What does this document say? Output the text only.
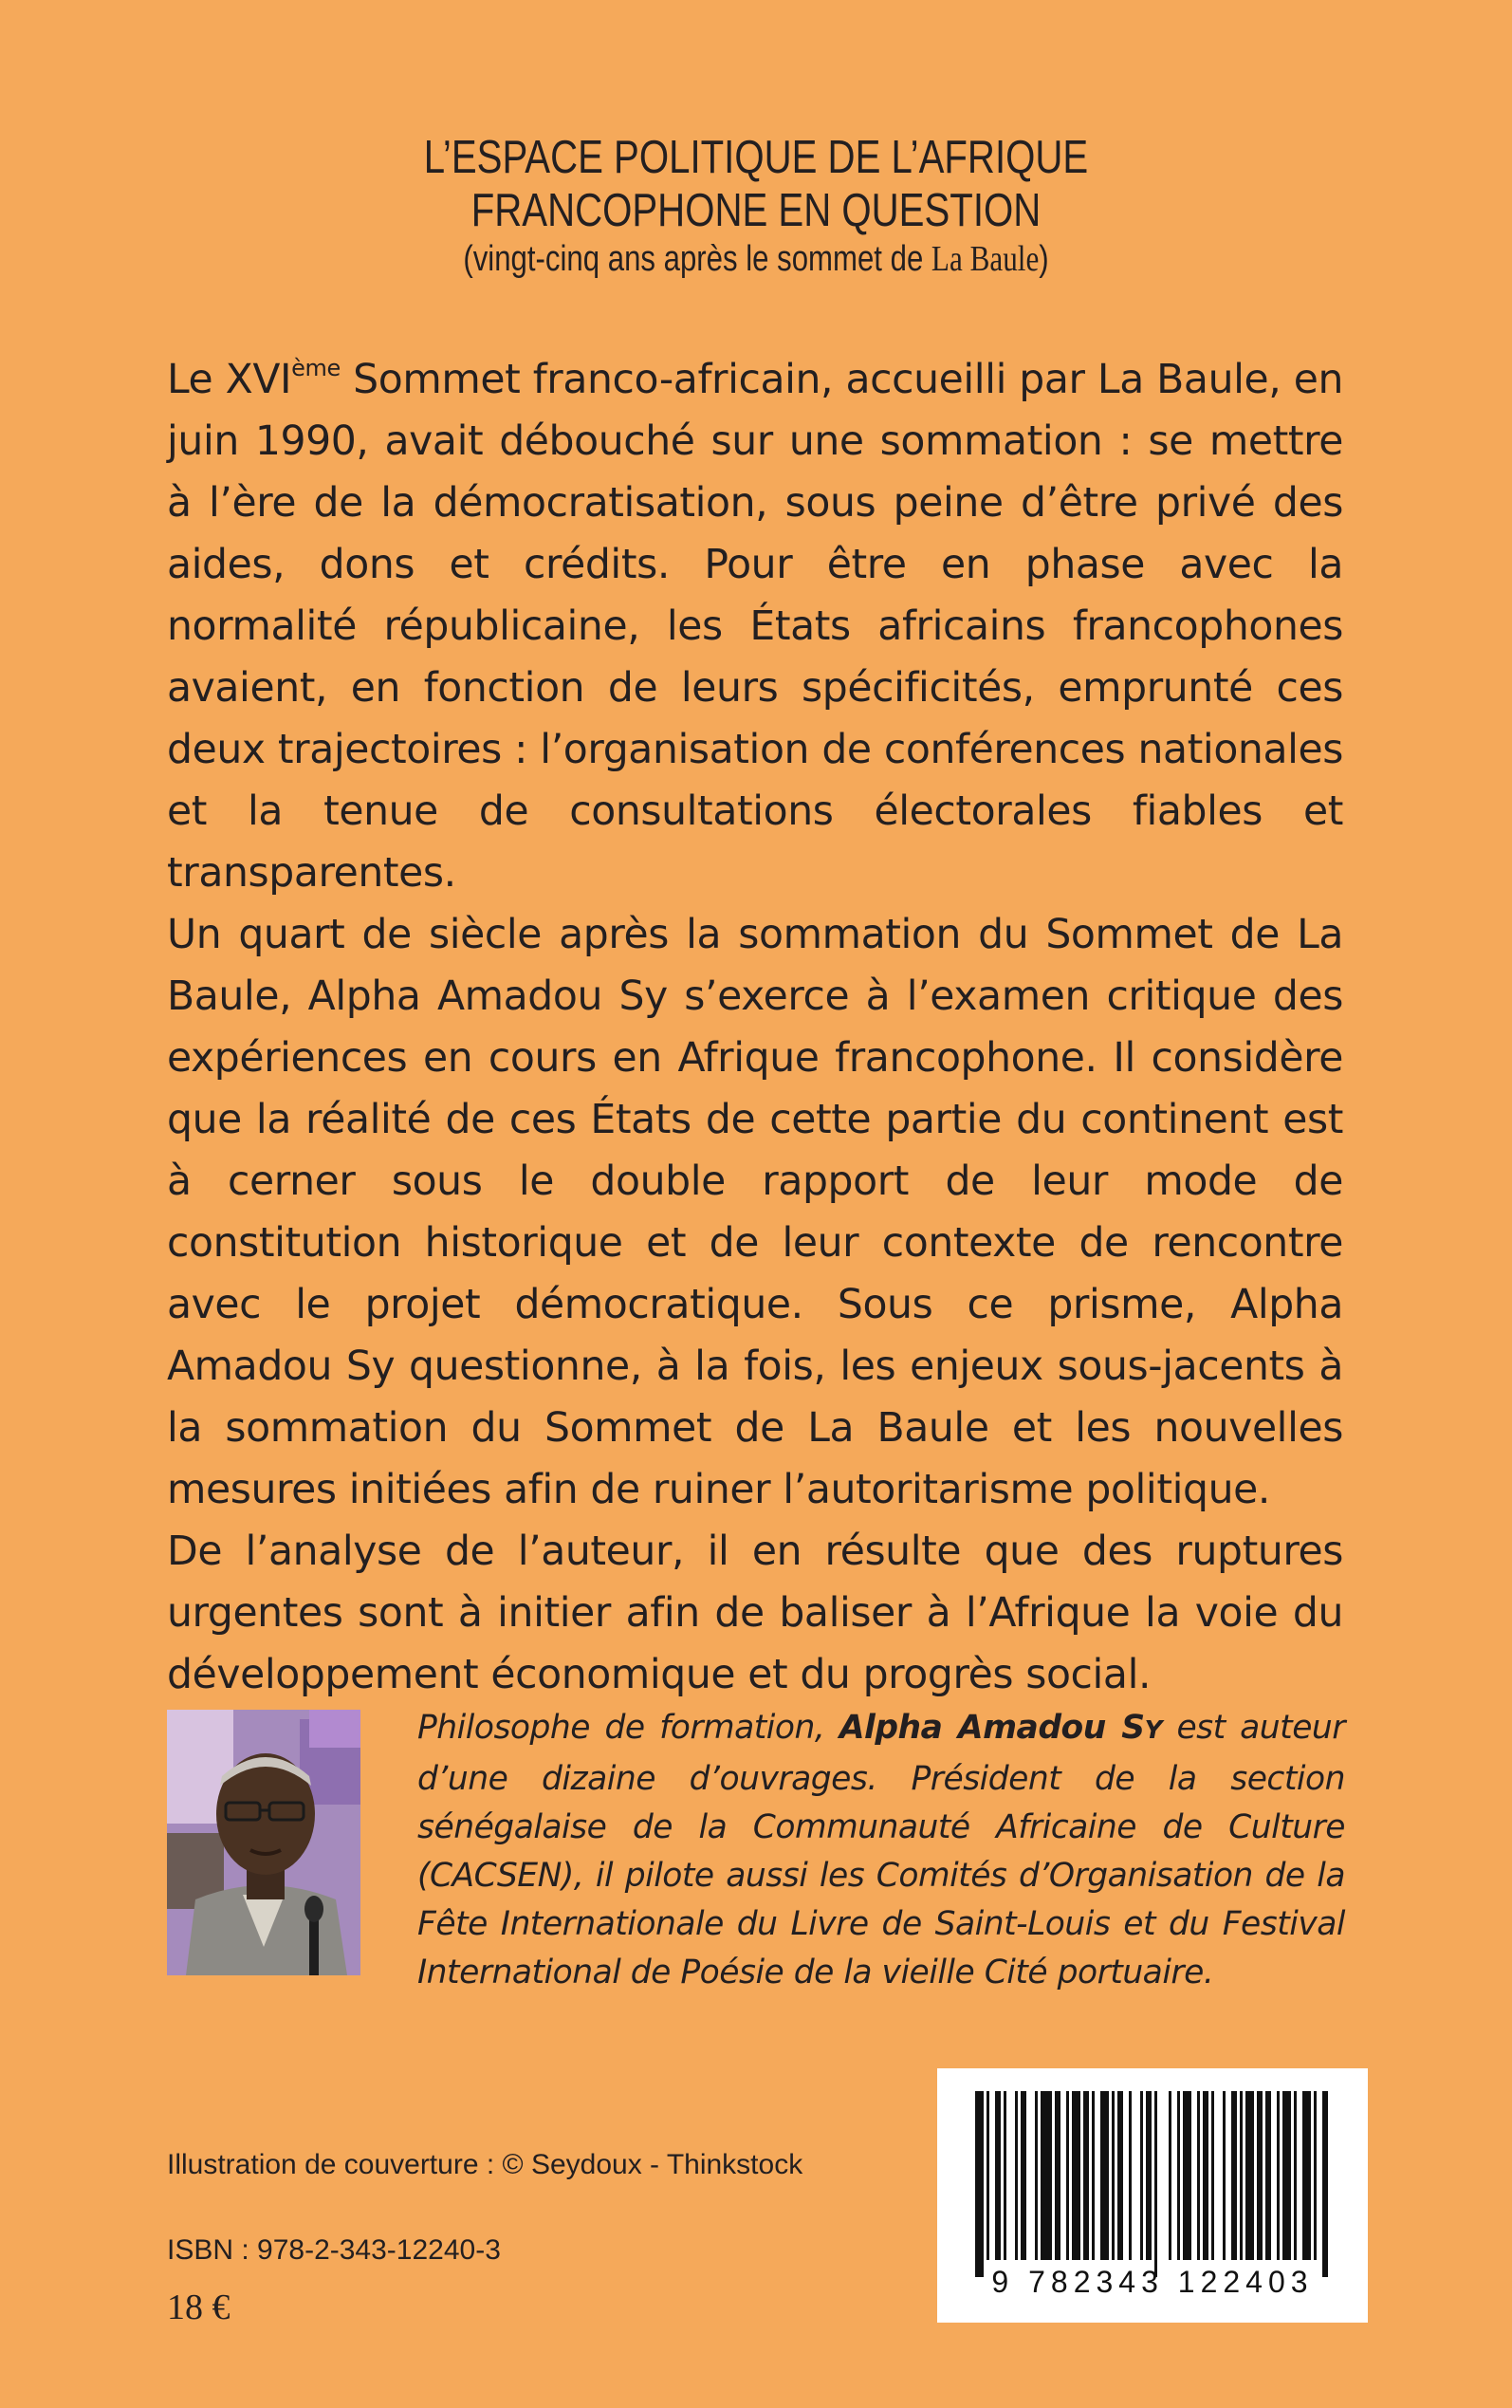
L’ESPACE POLITIQUE DE L’AFRIQUE
FRANCOPHONE EN QUESTION
(vingt-cinq ans après le sommet de La Baule)

Le XVIème Sommet franco-africain, accueilli par La Baule, en juin 1990, avait débouché sur une sommation : se mettre à l’ère de la démocratisation, sous peine d’être privé des aides, dons et crédits. Pour être en phase avec la normalité républicaine, les États africains francophones avaient, en fonction de leurs spécificités, emprunté ces deux trajectoires : l’organisation de conférences nationales et la tenue de consultations électorales fiables et transparentes.

Un quart de siècle après la sommation du Sommet de La Baule, Alpha Amadou Sy s’exerce à l’examen critique des expériences en cours en Afrique francophone. Il considère que la réalité de ces États de cette partie du continent est à cerner sous le double rapport de leur mode de constitution historique et de leur contexte de rencontre avec le projet démocratique. Sous ce prisme, Alpha Amadou Sy questionne, à la fois, les enjeux sous-jacents à la sommation du Sommet de La Baule et les nouvelles mesures initiées afin de ruiner l’autoritarisme politique.

De l’analyse de l’auteur, il en résulte que des ruptures urgentes sont à initier afin de baliser à l’Afrique la voie du développement économique et du progrès social.

Philosophe de formation, Alpha Amadou SY est auteur d’une dizaine d’ouvrages. Président de la section sénégalaise de la Communauté Africaine de Culture (CACSEN), il pilote aussi les Comités d’Organisation de la Fête Internationale du Livre de Saint-Louis et du Festival International de Poésie de la vieille Cité portuaire.

Illustration de couverture : © Seydoux - Thinkstock
ISBN : 978-2-343-12240-3
18 €
9 782343 122403
